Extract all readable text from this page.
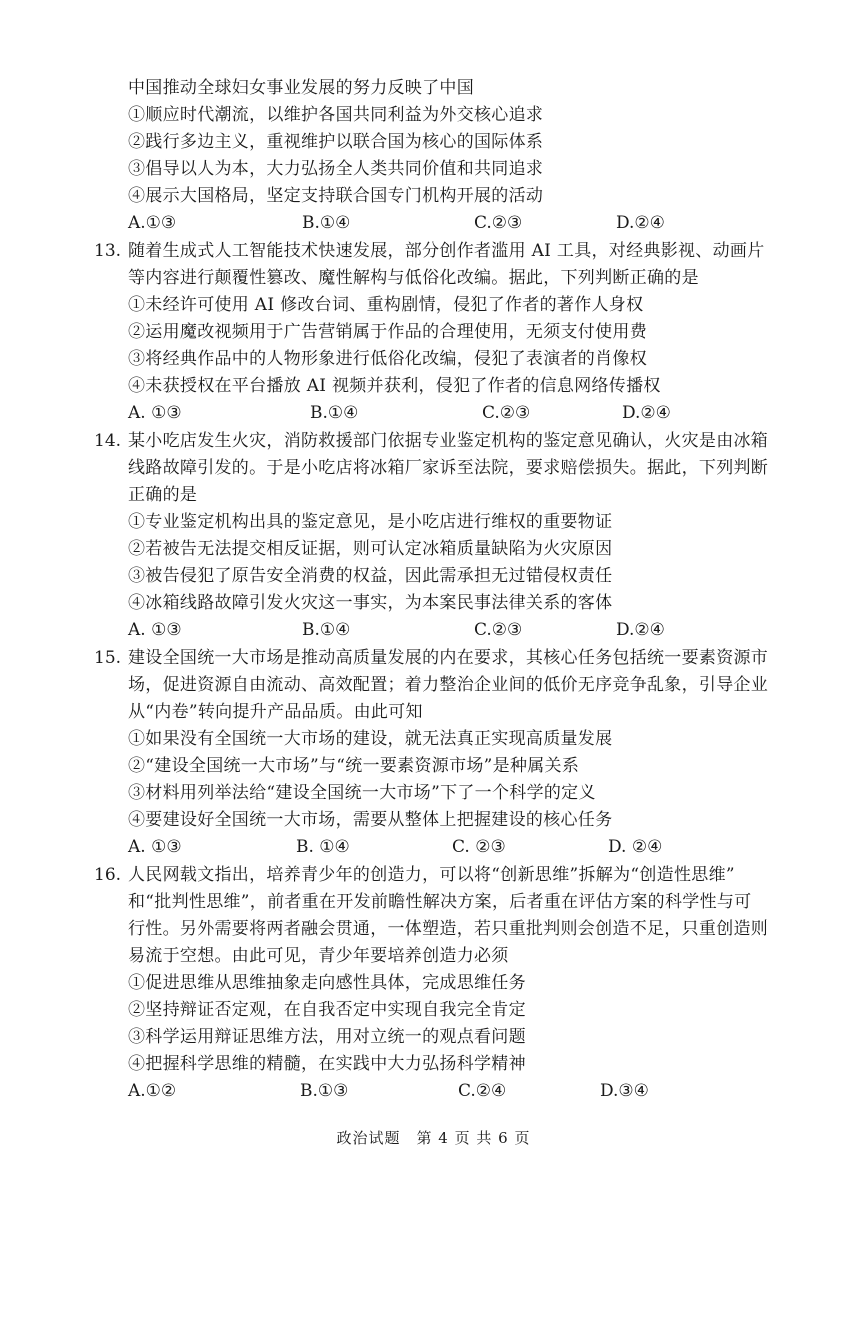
中国推动全球妇女事业发展的努力反映了中国
①顺应时代潮流，以维护各国共同利益为外交核心追求
②践行多边主义，重视维护以联合国为核心的国际体系
③倡导以人为本，大力弘扬全人类共同价值和共同追求
④展示大国格局，坚定支持联合国专门机构开展的活动
A.①③	B.①④	C.②③	D.②④
13. 随着生成式人工智能技术快速发展，部分创作者滥用 AI 工具，对经典影视、动画片
等内容进行颠覆性篡改、魔性解构与低俗化改编。据此，下列判断正确的是
①未经许可使用 AI 修改台词、重构剧情，侵犯了作者的著作人身权
②运用魔改视频用于广告营销属于作品的合理使用，无须支付使用费
③将经典作品中的人物形象进行低俗化改编，侵犯了表演者的肖像权
④未获授权在平台播放 AI 视频并获利，侵犯了作者的信息网络传播权
A. ①③	B.①④	C.②③	D.②④
14. 某小吃店发生火灾，消防救援部门依据专业鉴定机构的鉴定意见确认，火灾是由冰箱
线路故障引发的。于是小吃店将冰箱厂家诉至法院，要求赔偿损失。据此，下列判断
正确的是
①专业鉴定机构出具的鉴定意见，是小吃店进行维权的重要物证
②若被告无法提交相反证据，则可认定冰箱质量缺陷为火灾原因
③被告侵犯了原告安全消费的权益，因此需承担无过错侵权责任
④冰箱线路故障引发火灾这一事实，为本案民事法律关系的客体
A. ①③	B.①④	C.②③	D.②④
15. 建设全国统一大市场是推动高质量发展的内在要求，其核心任务包括统一要素资源市
场，促进资源自由流动、高效配置；着力整治企业间的低价无序竞争乱象，引导企业
从“内卷”转向提升产品品质。由此可知
①如果没有全国统一大市场的建设，就无法真正实现高质量发展
②“建设全国统一大市场”与“统一要素资源市场”是种属关系
③材料用列举法给“建设全国统一大市场”下了一个科学的定义
④要建设好全国统一大市场，需要从整体上把握建设的核心任务
A. ①③	B. ①④	C. ②③	D. ②④
16. 人民网载文指出，培养青少年的创造力，可以将“创新思维”拆解为“创造性思维”
和“批判性思维”，前者重在开发前瞻性解决方案，后者重在评估方案的科学性与可
行性。另外需要将两者融会贯通，一体塑造，若只重批判则会创造不足，只重创造则
易流于空想。由此可见，青少年要培养创造力必须
①促进思维从思维抽象走向感性具体，完成思维任务
②坚持辩证否定观，在自我否定中实现自我完全肯定
③科学运用辩证思维方法，用对立统一的观点看问题
④把握科学思维的精髓，在实践中大力弘扬科学精神
A.①②	B.①③	C.②④	D.③④
政治试题　第 4 页 共 6 页
